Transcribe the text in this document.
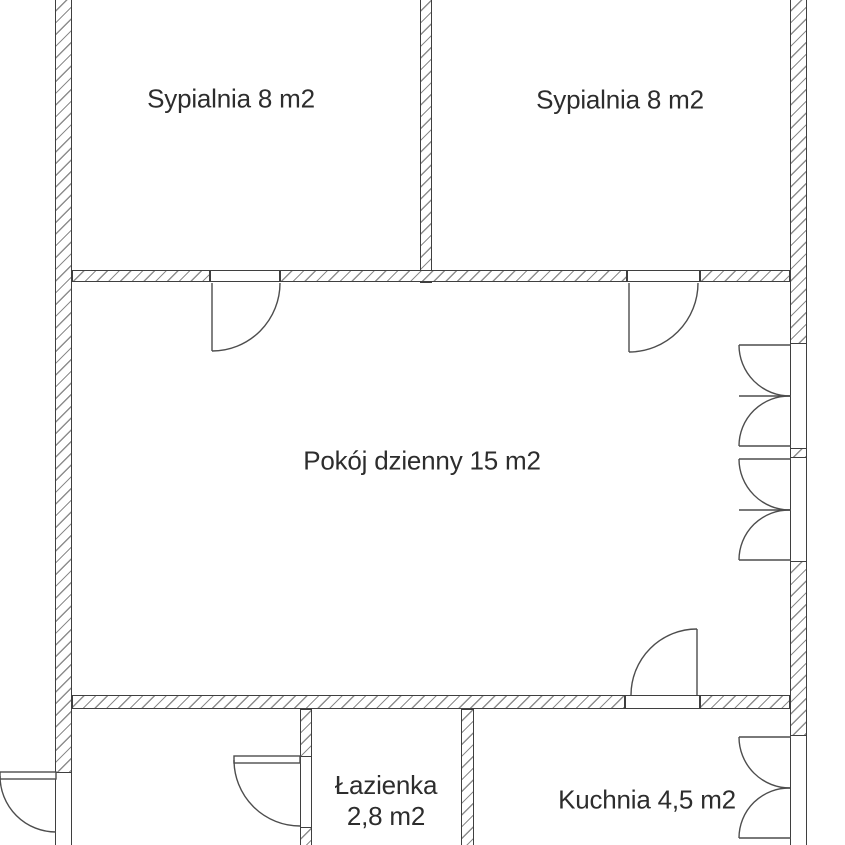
Sypialnia 8 m2	Sypialnia 8 m2
Pokój dzienny 15 m2
Łazienka
2,8 m2
Kuchnia 4,5 m2
